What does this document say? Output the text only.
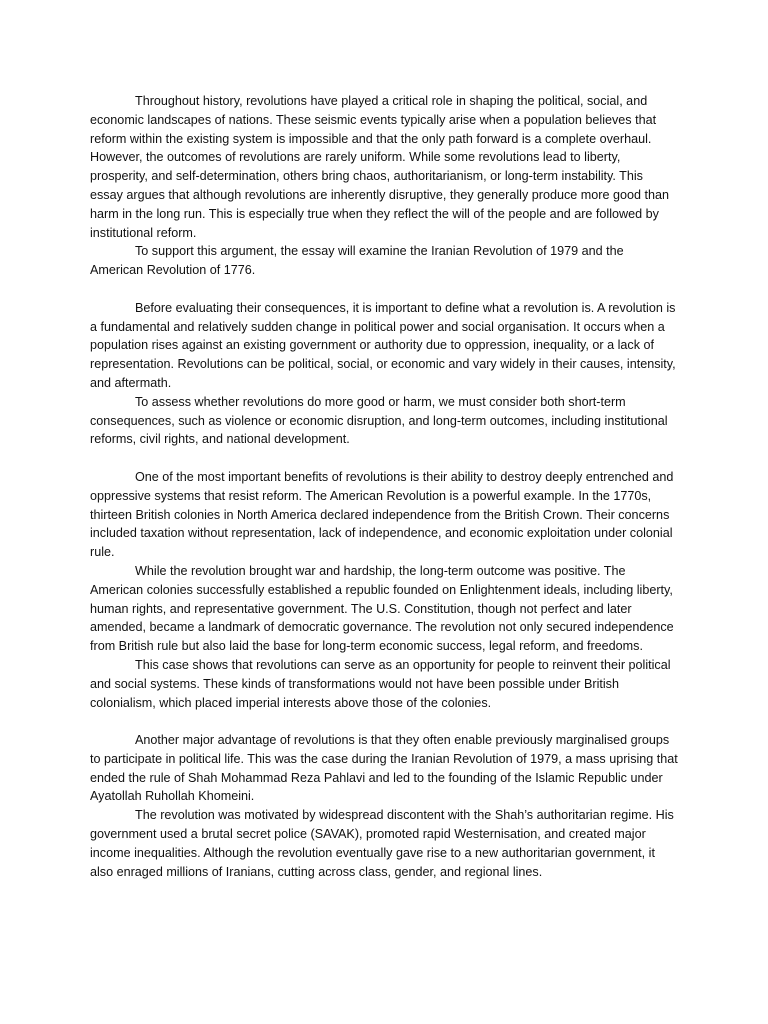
Throughout history, revolutions have played a critical role in shaping the political, social, and economic landscapes of nations. These seismic events typically arise when a population believes that reform within the existing system is impossible and that the only path forward is a complete overhaul. However, the outcomes of revolutions are rarely uniform. While some revolutions lead to liberty, prosperity, and self-determination, others bring chaos, authoritarianism, or long-term instability. This essay argues that although revolutions are inherently disruptive, they generally produce more good than harm in the long run. This is especially true when they reflect the will of the people and are followed by institutional reform.

To support this argument, the essay will examine the Iranian Revolution of 1979 and the American Revolution of 1776.

Before evaluating their consequences, it is important to define what a revolution is. A revolution is a fundamental and relatively sudden change in political power and social organisation. It occurs when a population rises against an existing government or authority due to oppression, inequality, or a lack of representation. Revolutions can be political, social, or economic and vary widely in their causes, intensity, and aftermath.

To assess whether revolutions do more good or harm, we must consider both short-term consequences, such as violence or economic disruption, and long-term outcomes, including institutional reforms, civil rights, and national development.

One of the most important benefits of revolutions is their ability to destroy deeply entrenched and oppressive systems that resist reform. The American Revolution is a powerful example. In the 1770s, thirteen British colonies in North America declared independence from the British Crown. Their concerns included taxation without representation, lack of independence, and economic exploitation under colonial rule.

While the revolution brought war and hardship, the long-term outcome was positive. The American colonies successfully established a republic founded on Enlightenment ideals, including liberty, human rights, and representative government. The U.S. Constitution, though not perfect and later amended, became a landmark of democratic governance. The revolution not only secured independence from British rule but also laid the base for long-term economic success, legal reform, and freedoms.

This case shows that revolutions can serve as an opportunity for people to reinvent their political and social systems. These kinds of transformations would not have been possible under British colonialism, which placed imperial interests above those of the colonies.

Another major advantage of revolutions is that they often enable previously marginalised groups to participate in political life. This was the case during the Iranian Revolution of 1979, a mass uprising that ended the rule of Shah Mohammad Reza Pahlavi and led to the founding of the Islamic Republic under Ayatollah Ruhollah Khomeini.

The revolution was motivated by widespread discontent with the Shah’s authoritarian regime. His government used a brutal secret police (SAVAK), promoted rapid Westernisation, and created major income inequalities. Although the revolution eventually gave rise to a new authoritarian government, it also enraged millions of Iranians, cutting across class, gender, and regional lines.
